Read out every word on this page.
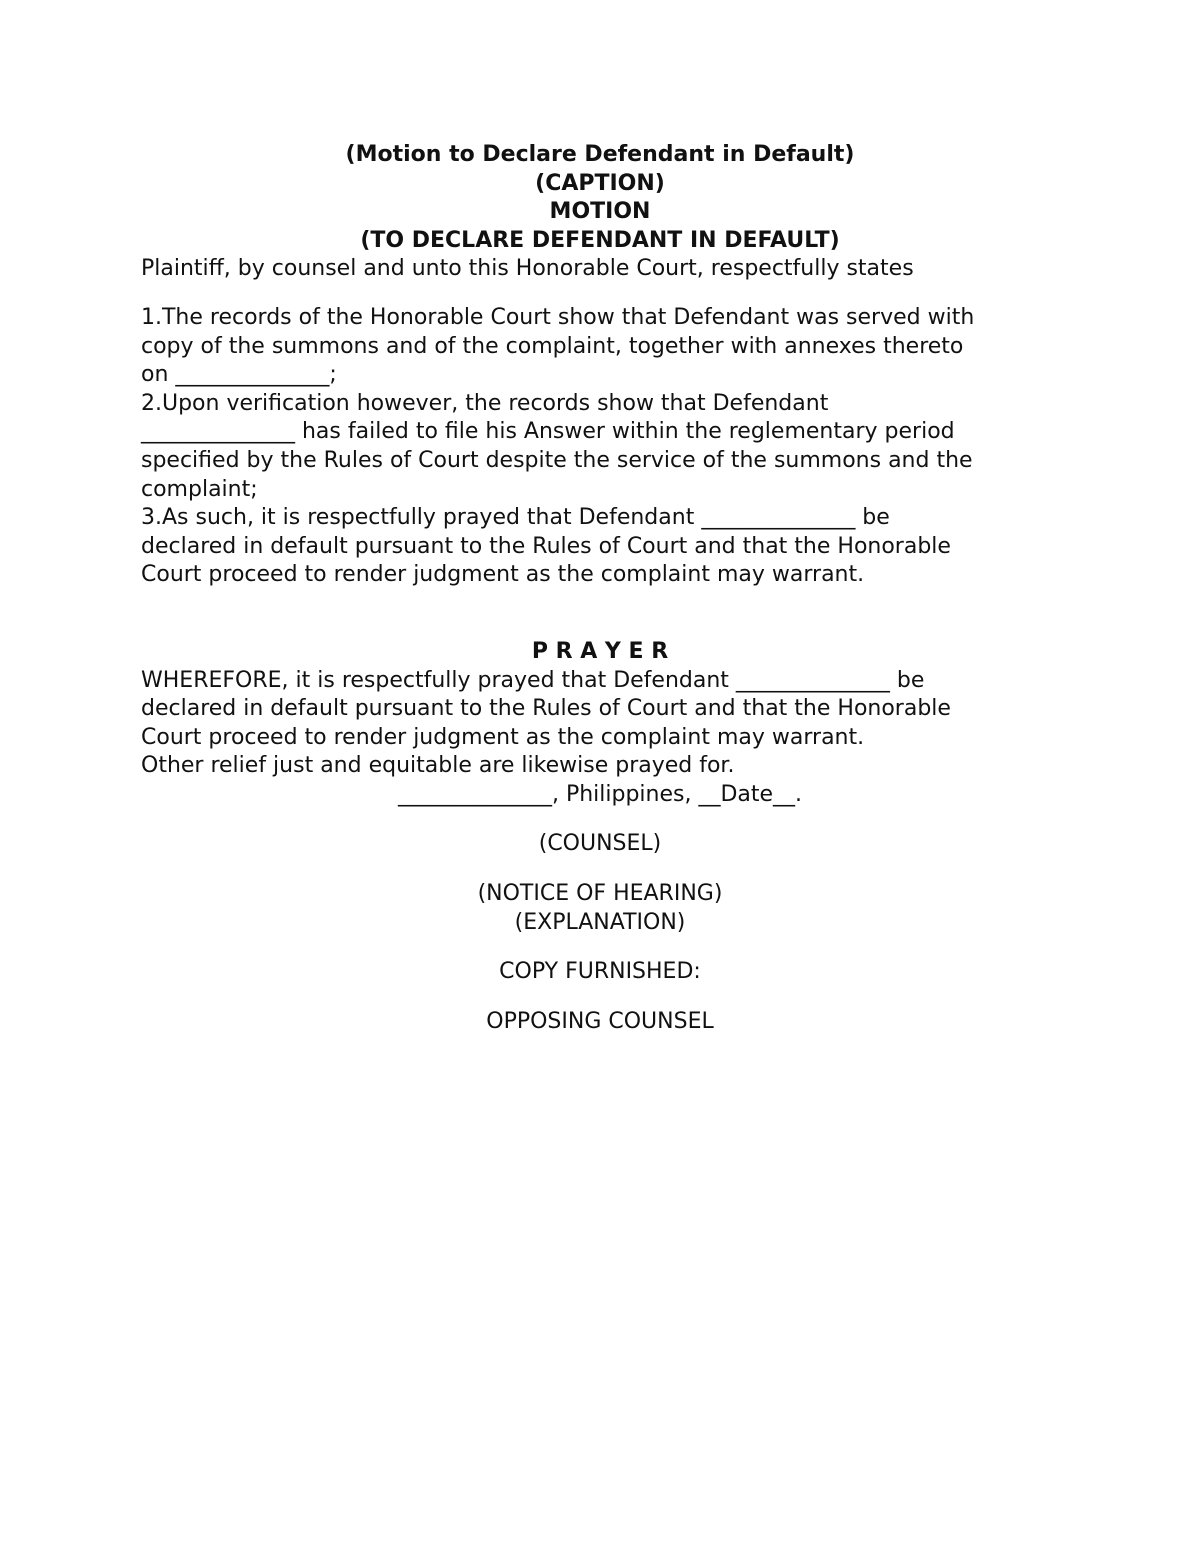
(Motion to Declare Defendant in Default)
(CAPTION)
MOTION
(TO DECLARE DEFENDANT IN DEFAULT)
Plaintiff, by counsel and unto this Honorable Court, respectfully states
1.The records of the Honorable Court show that Defendant was served with
copy of the summons and of the complaint, together with annexes thereto
on ______________;
2.Upon verification however, the records show that Defendant
______________ has failed to file his Answer within the reglementary period
specified by the Rules of Court despite the service of the summons and the
complaint;
3.As such, it is respectfully prayed that Defendant ______________ be
declared in default pursuant to the Rules of Court and that the Honorable
Court proceed to render judgment as the complaint may warrant.
P R A Y E R
WHEREFORE, it is respectfully prayed that Defendant ______________ be
declared in default pursuant to the Rules of Court and that the Honorable
Court proceed to render judgment as the complaint may warrant.
Other relief just and equitable are likewise prayed for.
______________, Philippines, __Date__.
(COUNSEL)
(NOTICE OF HEARING)
(EXPLANATION)
COPY FURNISHED:
OPPOSING COUNSEL
